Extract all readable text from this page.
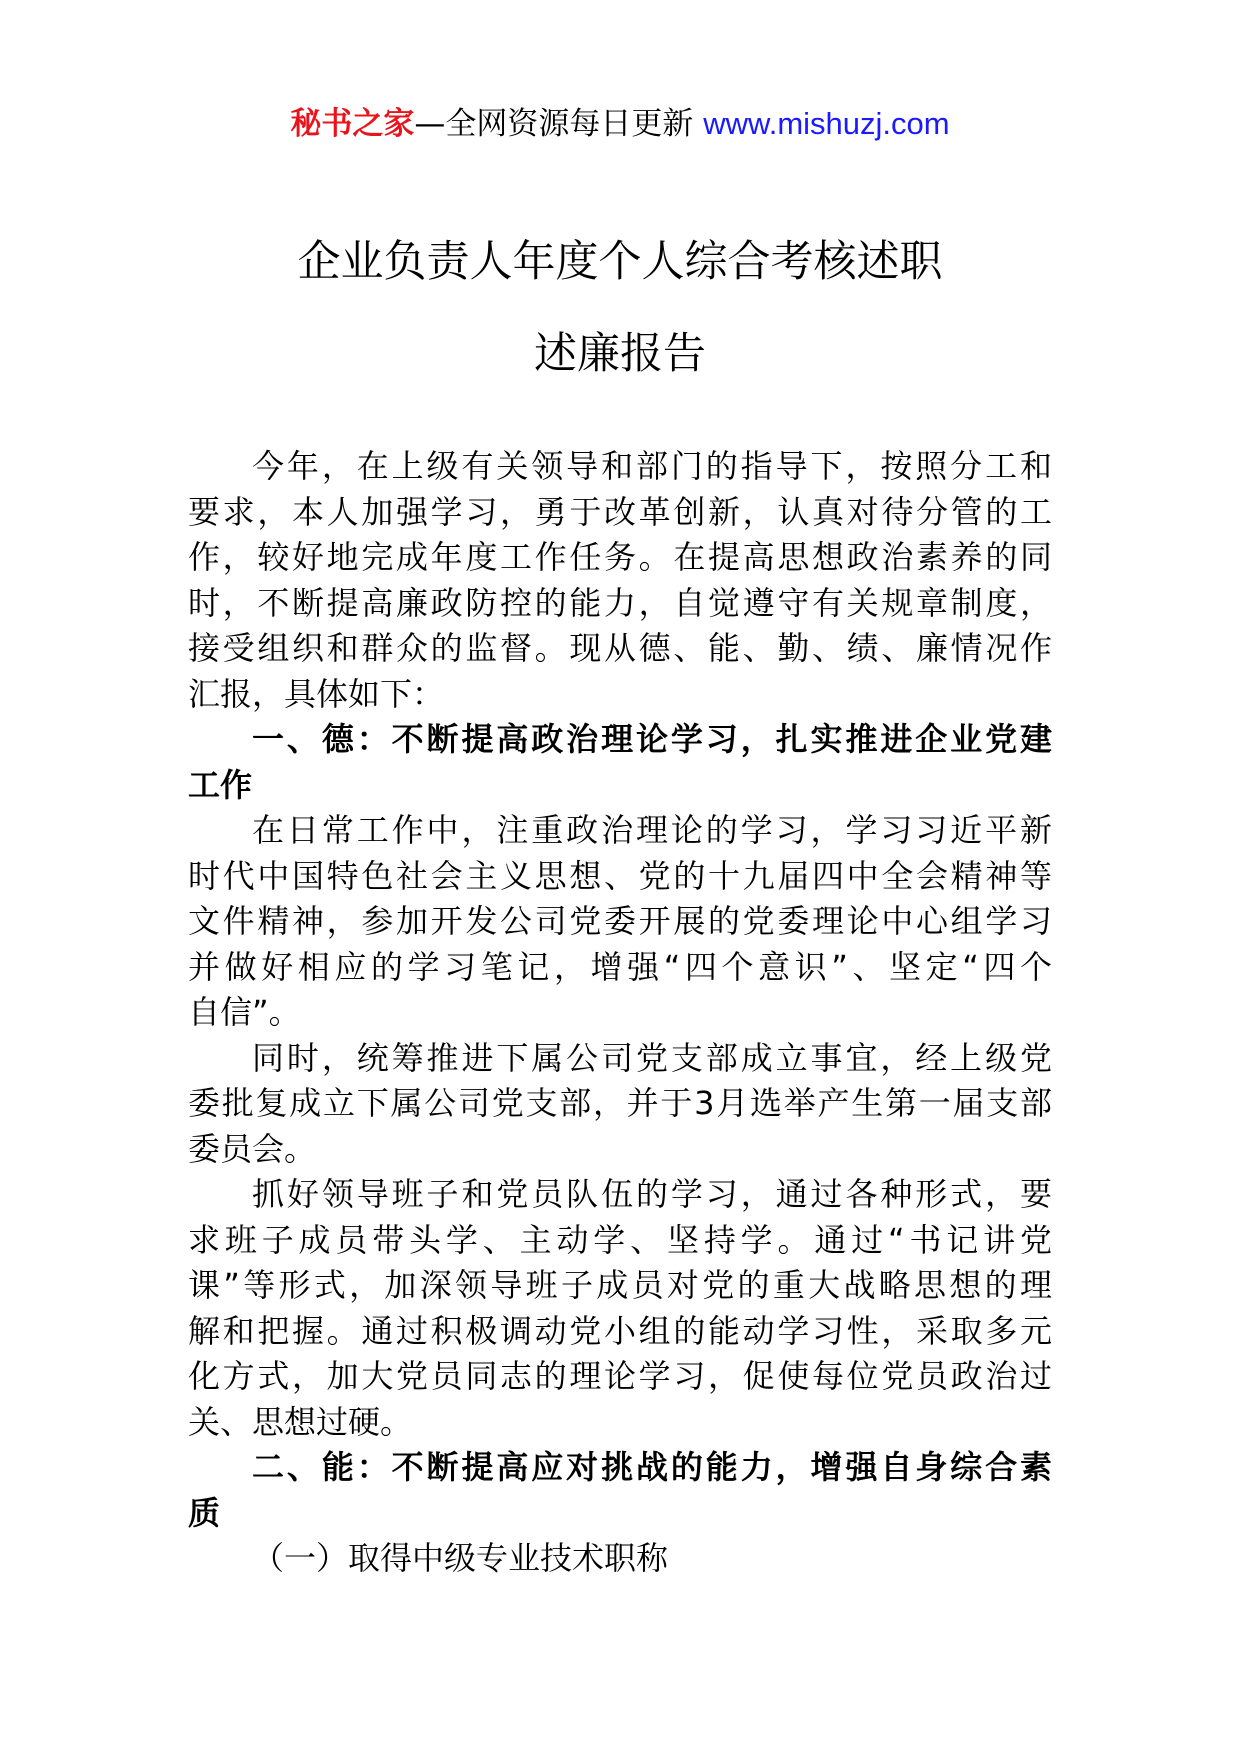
秘书之家—全网资源每日更新 www.mishuzj.com
企业负责人年度个人综合考核述职
述廉报告
今年，在上级有关领导和部门的指导下，按照分工和
要求，本人加强学习，勇于改革创新，认真对待分管的工
作，较好地完成年度工作任务。在提高思想政治素养的同
时，不断提高廉政防控的能力，自觉遵守有关规章制度，
接受组织和群众的监督。现从德、能、勤、绩、廉情况作
汇报，具体如下：
一、德：不断提高政治理论学习，扎实推进企业党建
工作
在日常工作中，注重政治理论的学习，学习习近平新
时代中国特色社会主义思想、党的十九届四中全会精神等
文件精神，参加开发公司党委开展的党委理论中心组学习
并做好相应的学习笔记，增强“四个意识”、坚定“四个
自信”。
同时，统筹推进下属公司党支部成立事宜，经上级党
委批复成立下属公司党支部，并于3月选举产生第一届支部
委员会。
抓好领导班子和党员队伍的学习，通过各种形式，要
求班子成员带头学、主动学、坚持学。通过“书记讲党
课”等形式，加深领导班子成员对党的重大战略思想的理
解和把握。通过积极调动党小组的能动学习性，采取多元
化方式，加大党员同志的理论学习，促使每位党员政治过
关、思想过硬。
二、能：不断提高应对挑战的能力，增强自身综合素
质
（一）取得中级专业技术职称
